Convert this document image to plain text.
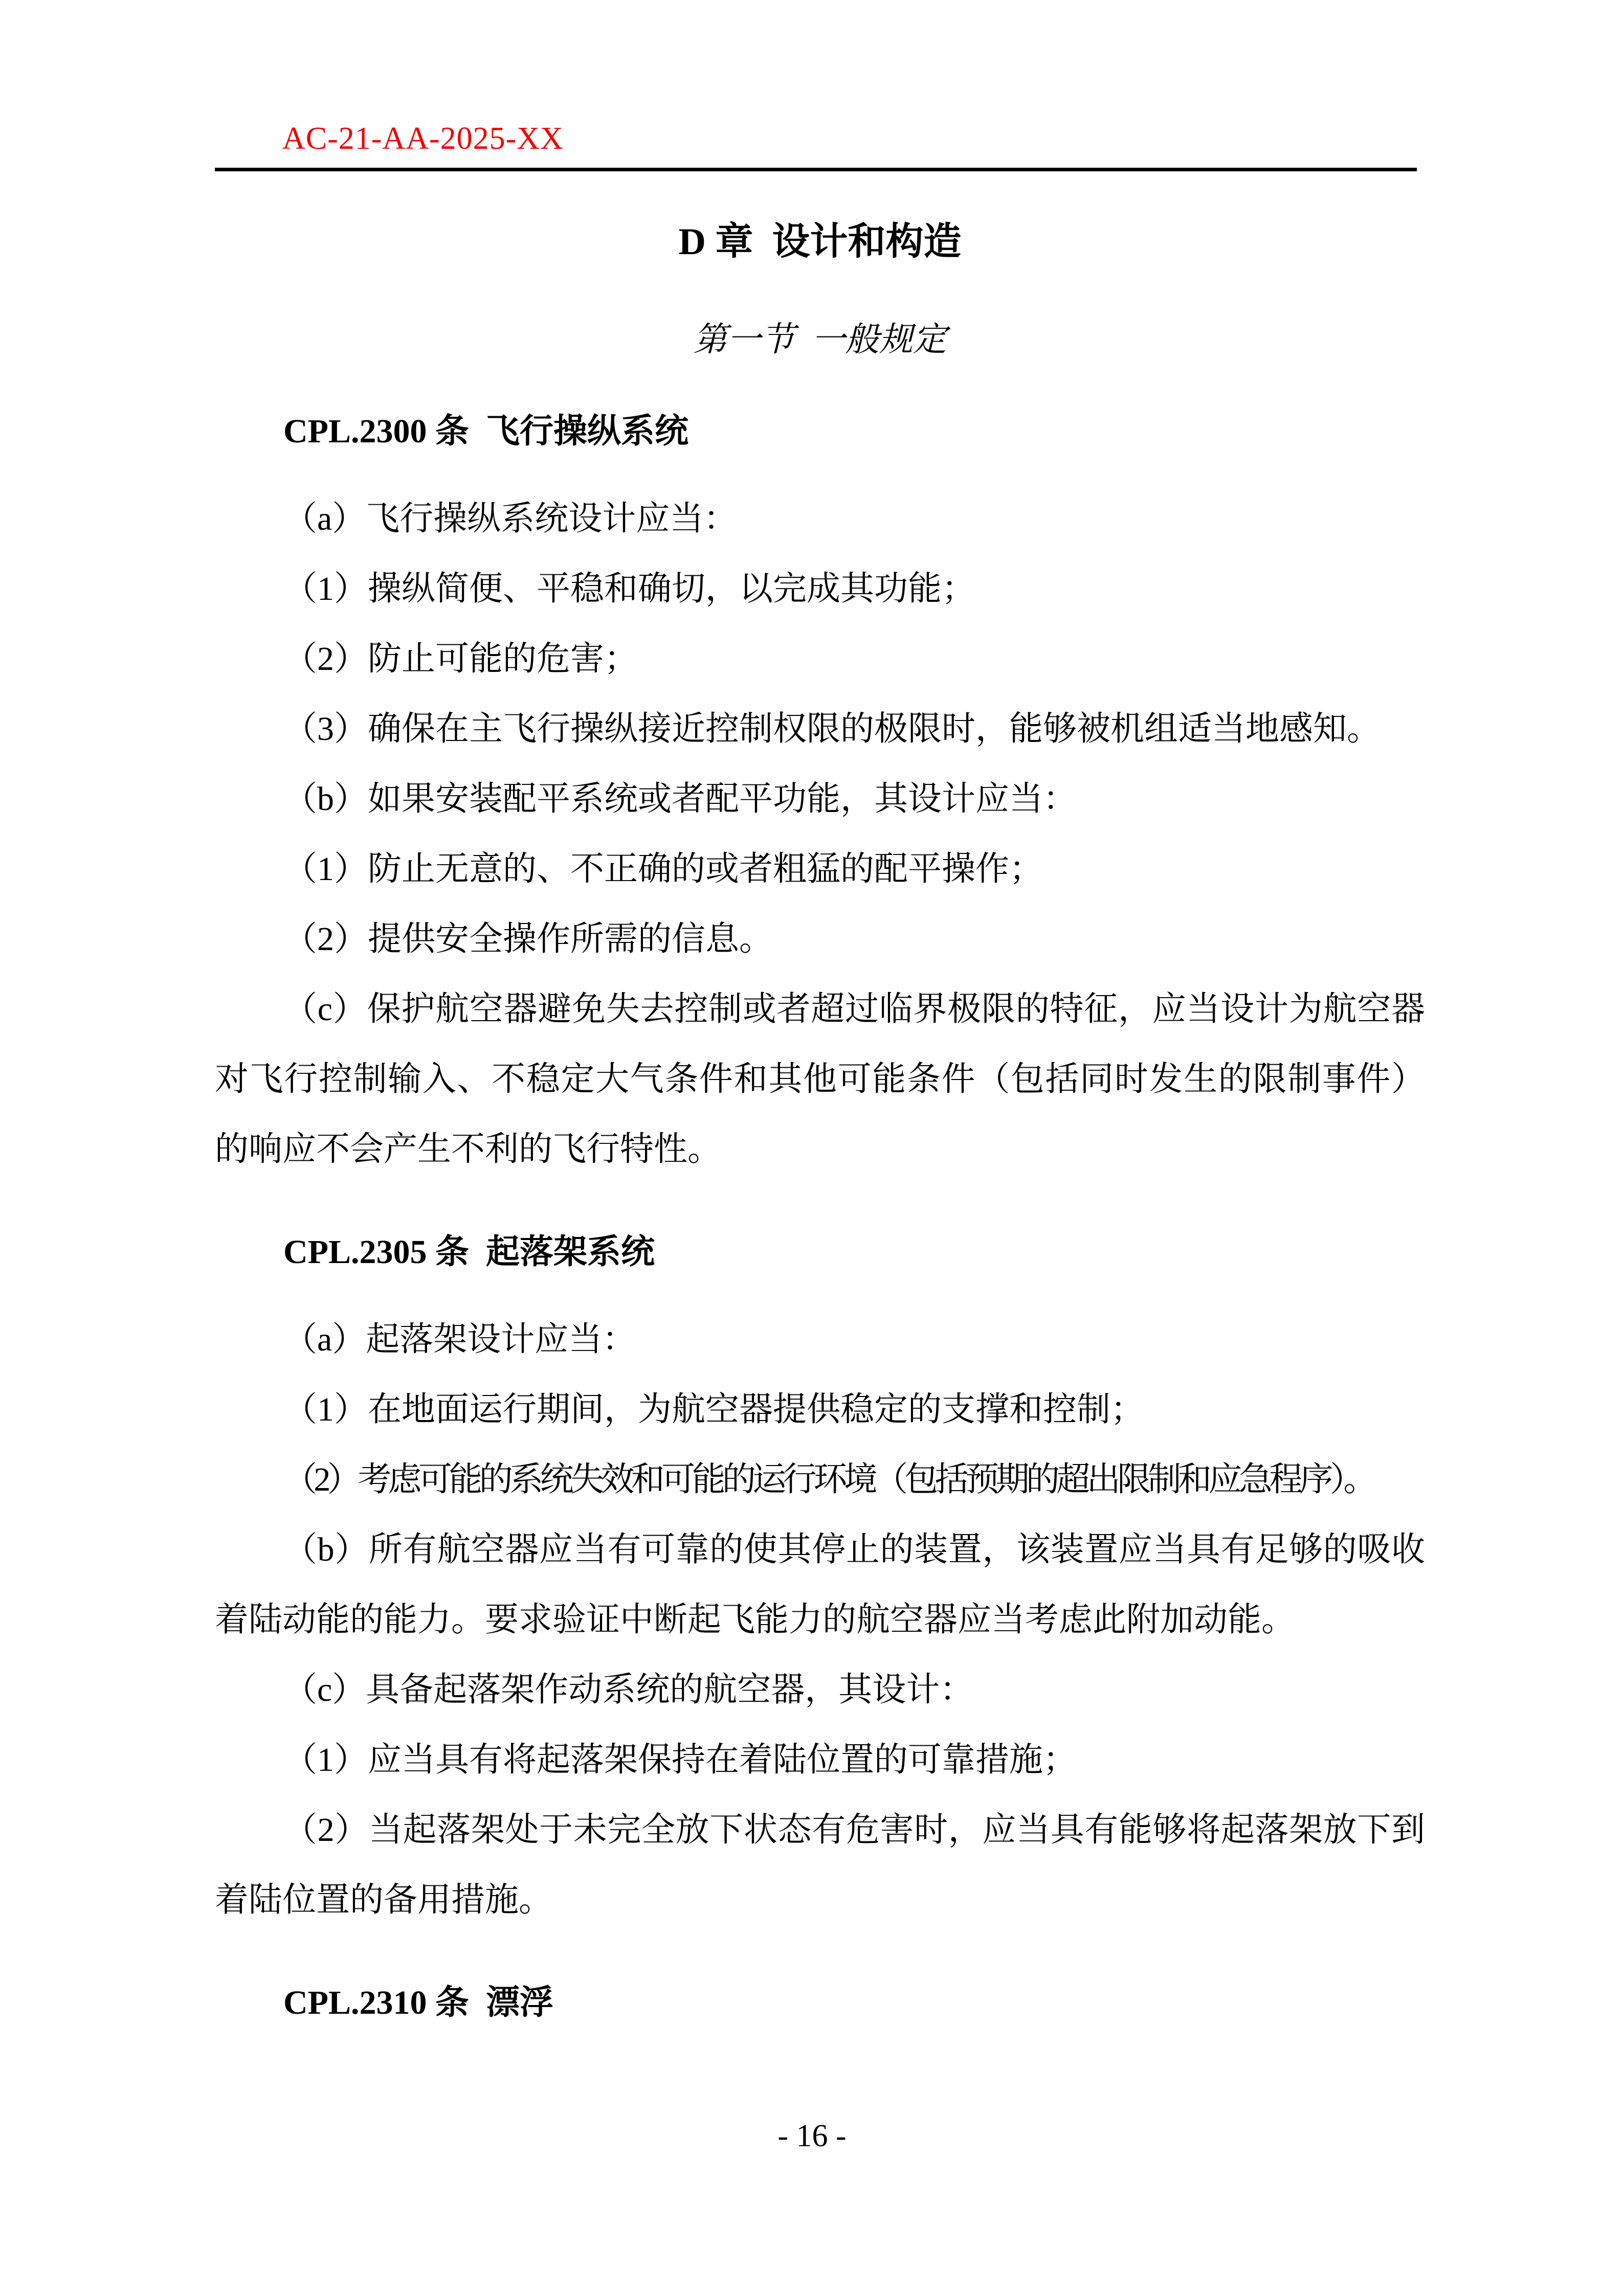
AC-21-AA-2025-XX
D 章  设计和构造
第一节  一般规定
CPL.2300 条  飞行操纵系统

（a）飞行操纵系统设计应当：

（1）操纵简便、平稳和确切，以完成其功能；

（2）防止可能的危害；

（3）确保在主飞行操纵接近控制权限的极限时，能够被机组适当地感知。

（b）如果安装配平系统或者配平功能，其设计应当：

（1）防止无意的、不正确的或者粗猛的配平操作；

（2）提供安全操作所需的信息。

（c）保护航空器避免失去控制或者超过临界极限的特征，应当设计为航空器对飞行控制输入、不稳定大气条件和其他可能条件（包括同时发生的限制事件）的响应不会产生不利的飞行特性。

CPL.2305 条  起落架系统

（a）起落架设计应当：

（1）在地面运行期间，为航空器提供稳定的支撑和控制；

（2）考虑可能的系统失效和可能的运行环境（包括预期的超出限制和应急程序）。

（b）所有航空器应当有可靠的使其停止的装置，该装置应当具有足够的吸收着陆动能的能力。要求验证中断起飞能力的航空器应当考虑此附加动能。

（c）具备起落架作动系统的航空器，其设计：

（1）应当具有将起落架保持在着陆位置的可靠措施；

（2）当起落架处于未完全放下状态有危害时，应当具有能够将起落架放下到着陆位置的备用措施。

CPL.2310 条  漂浮
- 16 -
